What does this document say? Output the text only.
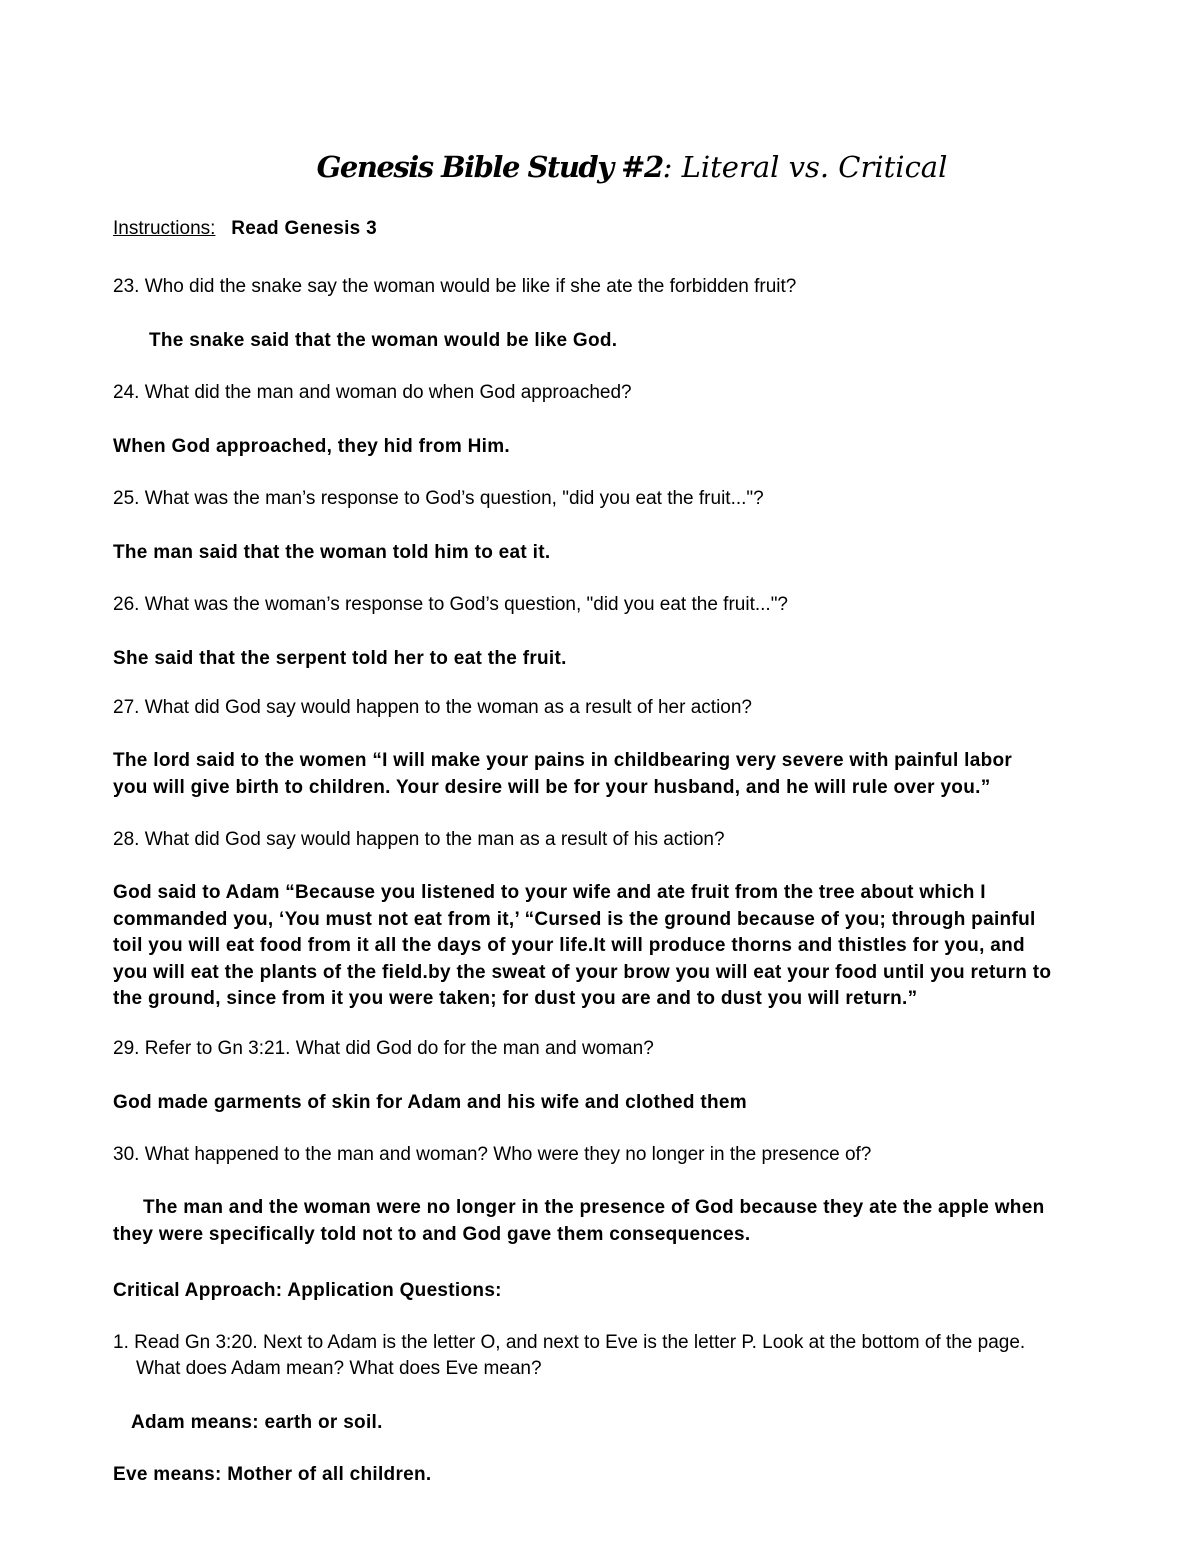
Genesis Bible Study #2: Literal vs. Critical
Instructions: Read Genesis 3
23. Who did the snake say the woman would be like if she ate the forbidden fruit?
The snake said that the woman would be like God.
24. What did the man and woman do when God approached?
When God approached, they hid from Him.
25. What was the man’s response to God’s question, "did you eat the fruit..."?
The man said that the woman told him to eat it.
26. What was the woman’s response to God’s question, "did you eat the fruit..."?
She said that the serpent told her to eat the fruit.
27. What did God say would happen to the woman as a result of her action?
The lord said to the women “I will make your pains in childbearing very severe with painful labor
you will give birth to children. Your desire will be for your husband, and he will rule over you.”
28. What did God say would happen to the man as a result of his action?
God said to Adam “Because you listened to your wife and ate fruit from the tree about which I
commanded you, ‘You must not eat from it,’ “Cursed is the ground because of you; through painful
toil you will eat food from it all the days of your life.It will produce thorns and thistles for you, and
you will eat the plants of the field.by the sweat of your brow you will eat your food until you return to
the ground, since from it you were taken; for dust you are and to dust you will return.”
29. Refer to Gn 3:21. What did God do for the man and woman?
God made garments of skin for Adam and his wife and clothed them
30. What happened to the man and woman? Who were they no longer in the presence of?
The man and the woman were no longer in the presence of God because they ate the apple when
they were specifically told not to and God gave them consequences.
Critical Approach: Application Questions:
1. Read Gn 3:20. Next to Adam is the letter O, and next to Eve is the letter P. Look at the bottom of the page.
What does Adam mean? What does Eve mean?
Adam means: earth or soil.
Eve means: Mother of all children.
